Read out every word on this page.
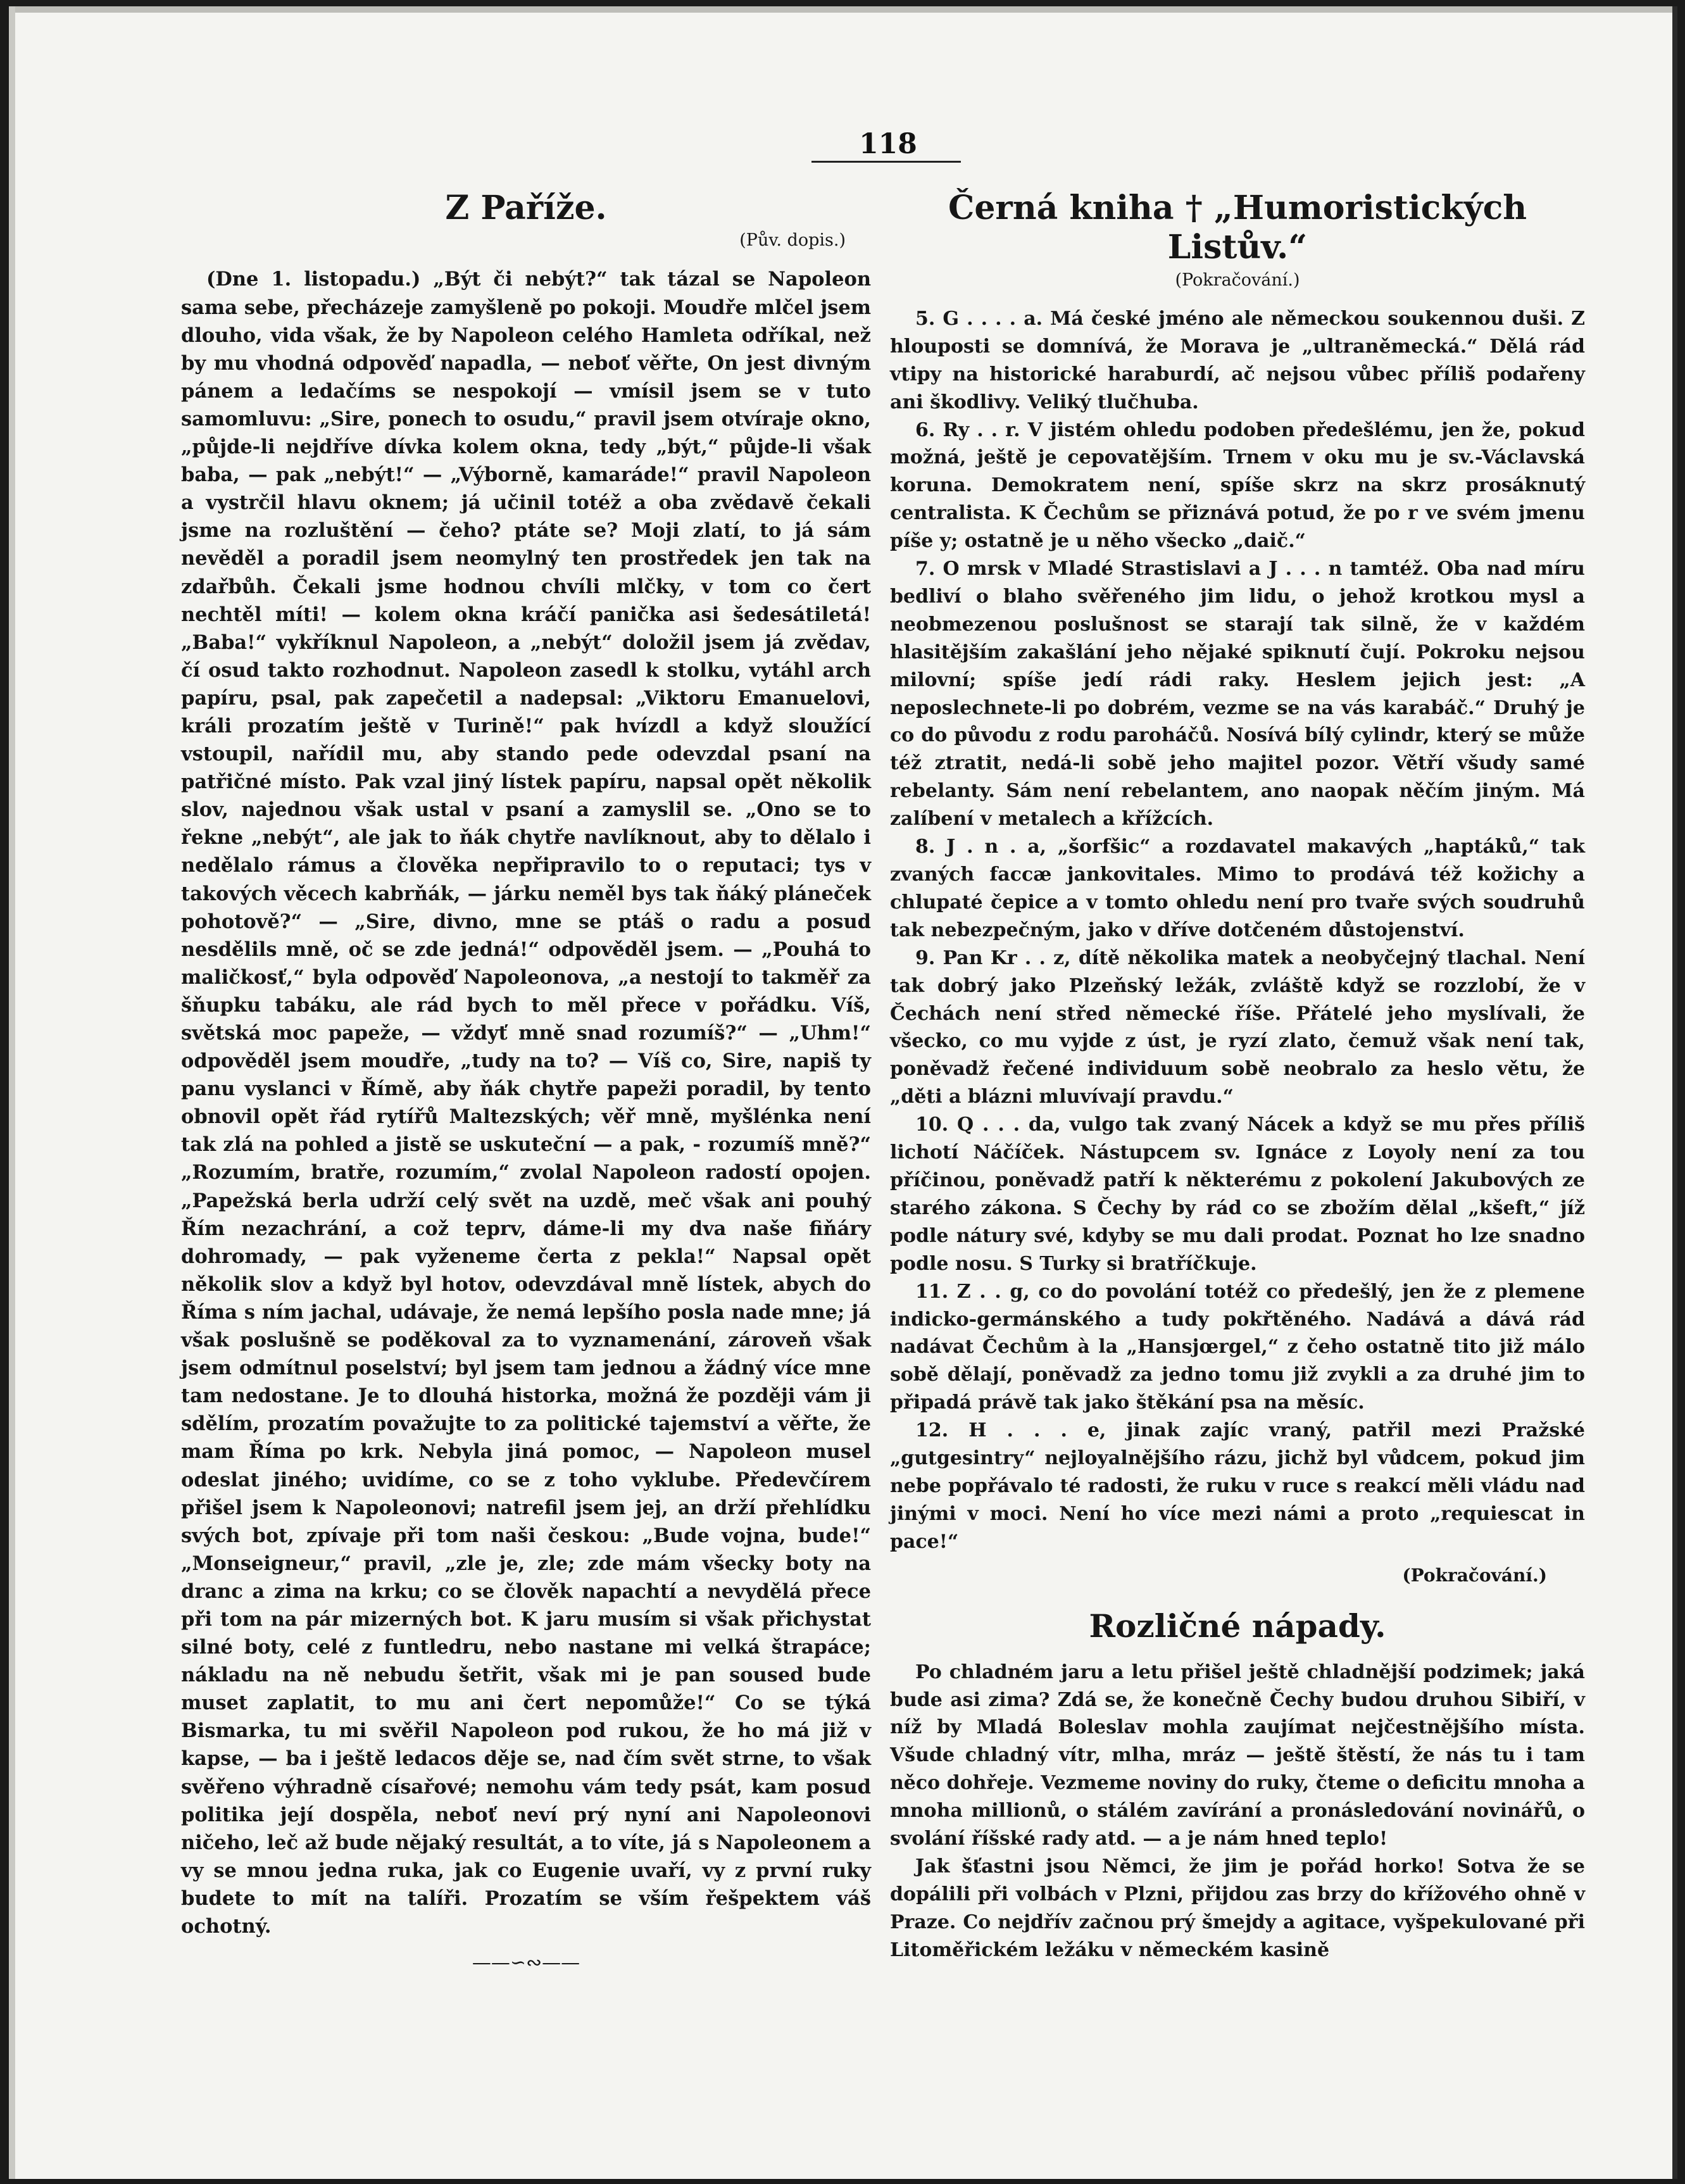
118
Z Paříže.
(Pův. dopis.)

(Dne 1. listopadu.) „Být či nebýt?“ tak tázal se Napoleon sama sebe, přecházeje zamyšleně po pokoji. Moudře mlčel jsem dlouho, vida však, že by Napoleon celého Hamleta odříkal, než by mu vhodná odpověď napadla, — neboť věřte, On jest divným pánem a ledačíms se nespokojí — vmísil jsem se v tuto samomluvu: „Sire, ponech to osudu,“ pravil jsem otvíraje okno, „půjde-li nejdříve dívka kolem okna, tedy „být,“ půjde-li však baba, — pak „nebýt!“ — „Výborně, kamaráde!“ pravil Napoleon a vystrčil hlavu oknem; já učinil totéž a oba zvědavě čekali jsme na rozluštění — čeho? ptáte se? Moji zlatí, to já sám nevěděl a poradil jsem neomylný ten prostředek jen tak na zdařbůh. Čekali jsme hodnou chvíli mlčky, v tom co čert nechtěl míti! — kolem okna kráčí panička asi šedesátiletá! „Baba!“ vykříknul Napoleon, a „nebýt“ doložil jsem já zvědav, čí osud takto rozhodnut. Napoleon zasedl k stolku, vytáhl arch papíru, psal, pak zapečetil a nadepsal: „Viktoru Emanuelovi, králi prozatím ještě v Turině!“ pak hvízdl a když sloužící vstoupil, nařídil mu, aby stando pede odevzdal psaní na patřičné místo. Pak vzal jiný lístek papíru, napsal opět několik slov, najednou však ustal v psaní a zamyslil se. „Ono se to řekne „nebýt“, ale jak to ňák chytře navlíknout, aby to dělalo i nedělalo rámus a člověka nepřipravilo to o reputaci; tys v takových věcech kabrňák, — járku neměl bys tak ňáký pláneček pohotově?“ — „Sire, divno, mne se ptáš o radu a posud nesdělils mně, oč se zde jedná!“ odpověděl jsem. — „Pouhá to maličkosť,“ byla odpověď Napoleonova, „a nestojí to takměř za šňupku tabáku, ale rád bych to měl přece v pořádku. Víš, světská moc papeže, — vždyť mně snad rozumíš?“ — „Uhm!“ odpověděl jsem moudře, „tudy na to? — Víš co, Sire, napiš ty panu vyslanci v Římě, aby ňák chytře papeži poradil, by tento obnovil opět řád rytířů Maltezských; věř mně, myšlénka není tak zlá na pohled a jistě se uskuteční — a pak, - rozumíš mně?“ „Rozumím, bratře, rozumím,“ zvolal Napoleon radostí opojen. „Papežská berla udrží celý svět na uzdě, meč však ani pouhý Řím nezachrání, a což teprv, dáme-li my dva naše fiňáry dohromady, — pak vyženeme čerta z pekla!“ Napsal opět několik slov a když byl hotov, odevzdával mně lístek, abych do Říma s ním jachal, udávaje, že nemá lepšího posla nade mne; já však poslušně se poděkoval za to vyznamenání, zároveň však jsem odmítnul poselství; byl jsem tam jednou a žádný více mne tam nedostane. Je to dlouhá historka, možná že později vám ji sdělím, prozatím považujte to za politické tajemství a věřte, že mam Říma po krk. Nebyla jiná pomoc, — Napoleon musel odeslat jiného; uvidíme, co se z toho vyklube. Předevčírem přišel jsem k Napoleonovi; natrefil jsem jej, an drží přehlídku svých bot, zpívaje při tom naši českou: „Bude vojna, bude!“ „Monseigneur,“ pravil, „zle je, zle; zde mám všecky boty na dranc a zima na krku; co se člověk napachtí a nevydělá přece při tom na pár mizerných bot. K jaru musím si však přichystat silné boty, celé z funtledru, nebo nastane mi velká štrapáce; nákladu na ně nebudu šetřit, však mi je pan soused bude muset zaplatit, to mu ani čert nepomůže!“ Co se týká Bismarka, tu mi svěřil Napoleon pod rukou, že ho má již v kapse, — ba i ještě ledacos děje se, nad čím svět strne, to však svěřeno výhradně císařové; nemohu vám tedy psát, kam posud politika její dospěla, neboť neví prý nyní ani Napoleonovi ničeho, leč až bude nějaký resultát, a to víte, já s Napoleonem a vy se mnou jedna ruka, jak co Eugenie uvaří, vy z první ruky budete to mít na talíři. Prozatím se vším řešpektem váš ochotný.

——∽∾——
Černá kniha † „Humoristických Listův.“
(Pokračování.)

5. G . . . . a. Má české jméno ale německou soukennou duši. Z hlouposti se domnívá, že Morava je „ultraněmecká.“ Dělá rád vtipy na historické haraburdí, ač nejsou vůbec příliš podařeny ani škodlivy. Veliký tlučhuba.

6. Ry . . r. V jistém ohledu podoben předešlému, jen že, pokud možná, ještě je cepovatějším. Trnem v oku mu je sv.-Václavská koruna. Demokratem není, spíše skrz na skrz prosáknutý centralista. K Čechům se přiznává potud, že po r ve svém jmenu píše y; ostatně je u něho všecko „daič.“

7. O mrsk v Mladé Strastislavi a J . . . n tamtéž. Oba nad míru bedliví o blaho svěřeného jim lidu, o jehož krotkou mysl a neobmezenou poslušnost se starají tak silně, že v každém hlasitějším zakašlání jeho nějaké spiknutí čují. Pokroku nejsou milovní; spíše jedí rádi raky. Heslem jejich jest: „A neposlechnete-li po dobrém, vezme se na vás karabáč.“ Druhý je co do původu z rodu paroháčů. Nosívá bílý cylindr, který se může též ztratit, nedá-li sobě jeho majitel pozor. Větří všudy samé rebelanty. Sám není rebelantem, ano naopak něčím jiným. Má zalíbení v metalech a křížcích.

8. J . n . a, „šorfšic“ a rozdavatel makavých „haptáků,“ tak zvaných faccæ jankovitales. Mimo to prodává též kožichy a chlupaté čepice a v tomto ohledu není pro tvaře svých soudruhů tak nebezpečným, jako v dříve dotčeném důstojenství.

9. Pan Kr . . z, dítě několika matek a neobyčejný tlachal. Není tak dobrý jako Plzeňský ležák, zvláště když se rozzlobí, že v Čechách není střed německé říše. Přátelé jeho myslívali, že všecko, co mu vyjde z úst, je ryzí zlato, čemuž však není tak, poněvadž řečené individuum sobě neobralo za heslo větu, že „děti a blázni mluvívají pravdu.“

10. Q . . . da, vulgo tak zvaný Nácek a když se mu přes příliš lichotí Náčíček. Nástupcem sv. Ignáce z Loyoly není za tou příčinou, poněvadž patří k některému z pokolení Jakubových ze starého zákona. S Čechy by rád co se zbožím dělal „kšeft,“ jíž podle nátury své, kdyby se mu dali prodat. Poznat ho lze snadno podle nosu. S Turky si bratříčkuje.

11. Z . . g, co do povolání totéž co předešlý, jen že z plemene indicko-germánského a tudy pokřtěného. Nadává a dává rád nadávat Čechům à la „Hansjœrgel,“ z čeho ostatně tito již málo sobě dělají, poněvadž za jedno tomu již zvykli a za druhé jim to připadá právě tak jako štěkání psa na měsíc.

12. H . . . e, jinak zajíc vraný, patřil mezi Pražské „gutgesintry“ nejloyalnějšího rázu, jichž byl vůdcem, pokud jim nebe popřávalo té radosti, že ruku v ruce s reakcí měli vládu nad jinými v moci. Není ho více mezi námi a proto „requiescat in pace!“

(Pokračování.)
Rozličné nápady.

Po chladném jaru a letu přišel ještě chladnější podzimek; jaká bude asi zima? Zdá se, že konečně Čechy budou druhou Sibiří, v níž by Mladá Boleslav mohla zaujímat nejčestnějšího místa. Všude chladný vítr, mlha, mráz — ještě štěstí, že nás tu i tam něco dohřeje. Vezmeme noviny do ruky, čteme o deficitu mnoha a mnoha millionů, o stálém zavírání a pronásledování novinářů, o svolání říšské rady atd. — a je nám hned teplo!

Jak šťastni jsou Němci, že jim je pořád horko! Sotva že se dopálili při volbách v Plzni, přijdou zas brzy do křížového ohně v Praze. Co nejdřív začnou prý šmejdy a agitace, vyšpekulované při Litoměřickém ležáku v německém kasině
